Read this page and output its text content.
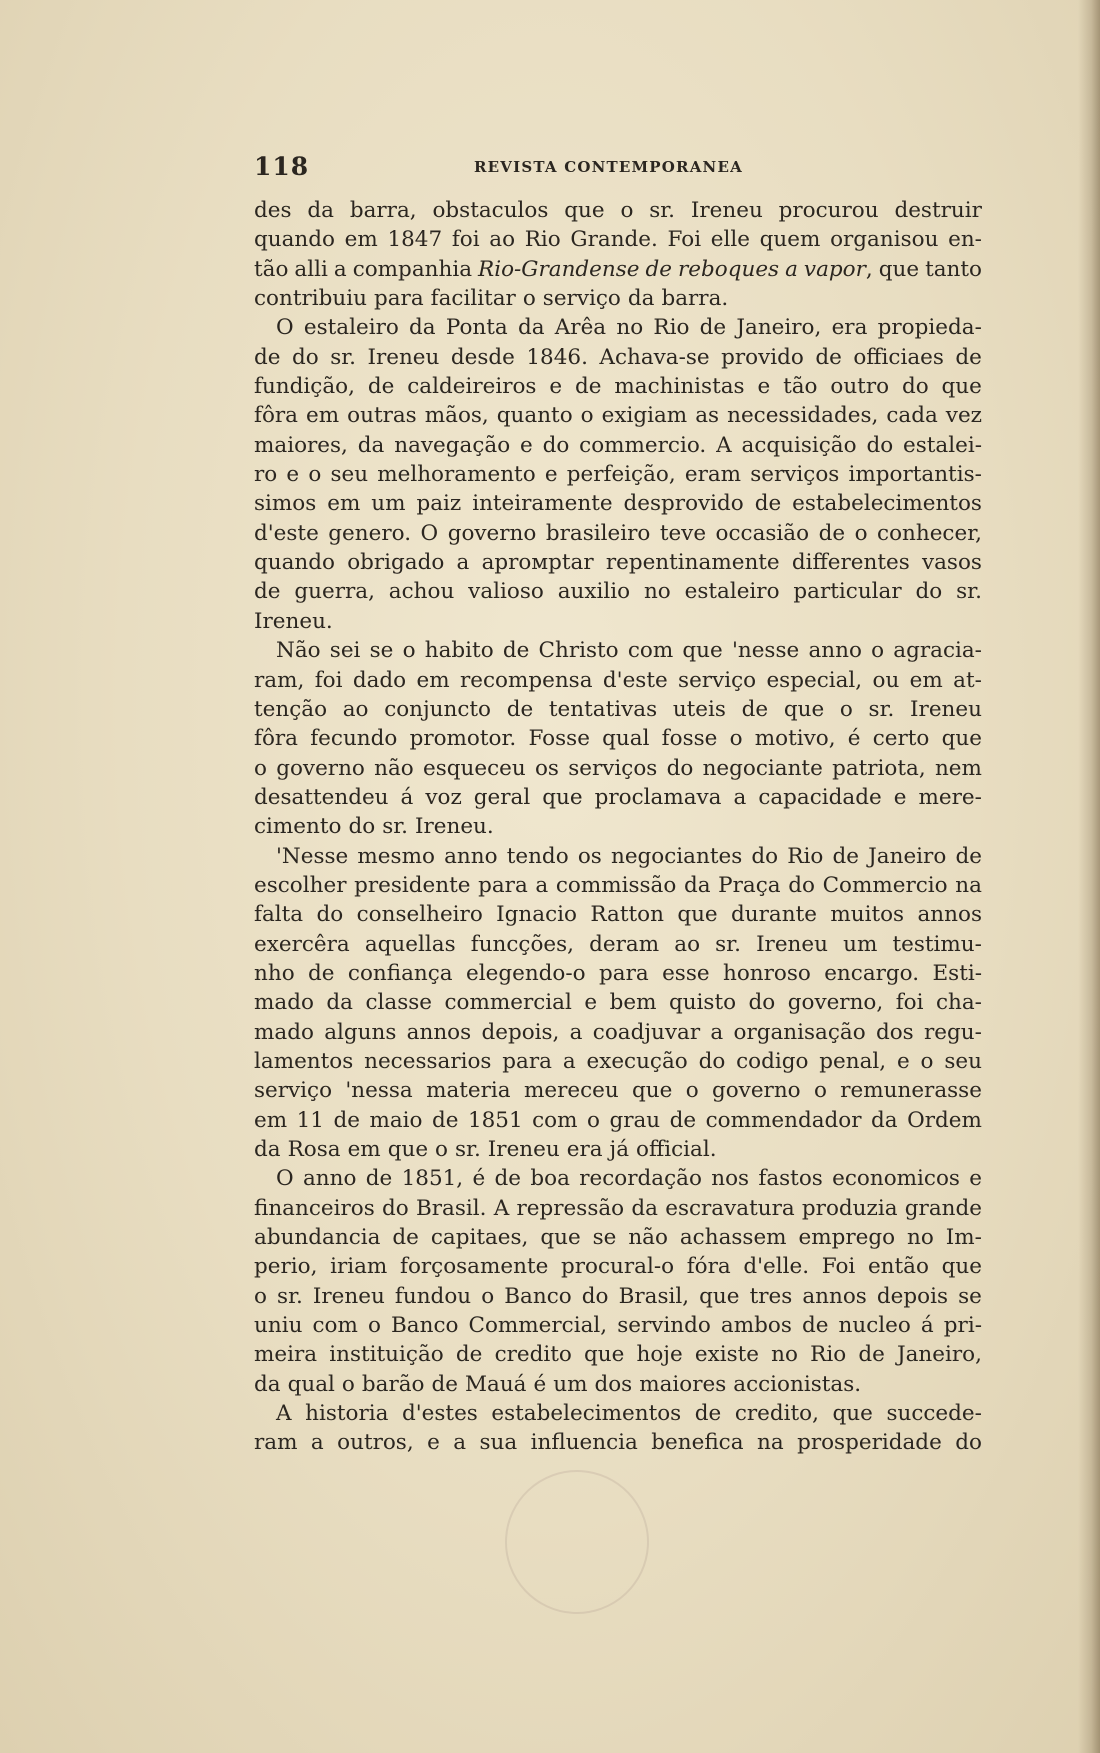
118	REVISTA CONTEMPORANEA
des da barra, obstaculos que o sr. Ireneu procurou destruir
quando em 1847 foi ao Rio Grande. Foi elle quem organisou en-
tão alli a companhia Rio-Grandense de reboques a vapor, que tanto
contribuiu para facilitar o serviço da barra.
O estaleiro da Ponta da Arêa no Rio de Janeiro, era propieda-
de do sr. Ireneu desde 1846. Achava-se provido de officiaes de
fundição, de caldeireiros e de machinistas e tão outro do que
fôra em outras mãos, quanto o exigiam as necessidades, cada vez
maiores, da navegação e do commercio. A acquisição do estalei-
ro e o seu melhoramento e perfeição, eram serviços importantis-
simos em um paiz inteiramente desprovido de estabelecimentos
d'este genero. O governo brasileiro teve occasião de o conhecer,
quando obrigado a aproмptar repentinamente differentes vasos
de guerra, achou valioso auxilio no estaleiro particular do sr.
Ireneu.
Não sei se o habito de Christo com que 'nesse anno o agracia-
ram, foi dado em recompensa d'este serviço especial, ou em at-
tenção ao conjuncto de tentativas uteis de que o sr. Ireneu
fôra fecundo promotor. Fosse qual fosse o motivo, é certo que
o governo não esqueceu os serviços do negociante patriota, nem
desattendeu á voz geral que proclamava a capacidade e mere-
cimento do sr. Ireneu.
'Nesse mesmo anno tendo os negociantes do Rio de Janeiro de
escolher presidente para a commissão da Praça do Commercio na
falta do conselheiro Ignacio Ratton que durante muitos annos
exercêra aquellas funcções, deram ao sr. Ireneu um testimu-
nho de confiança elegendo-o para esse honroso encargo. Esti-
mado da classe commercial e bem quisto do governo, foi cha-
mado alguns annos depois, a coadjuvar a organisação dos regu-
lamentos necessarios para a execução do codigo penal, e o seu
serviço 'nessa materia mereceu que o governo o remunerasse
em 11 de maio de 1851 com o grau de commendador da Ordem
da Rosa em que o sr. Ireneu era já official.
O anno de 1851, é de boa recordação nos fastos economicos e
financeiros do Brasil. A repressão da escravatura produzia grande
abundancia de capitaes, que se não achassem emprego no Im-
perio, iriam forçosamente procural-o fóra d'elle. Foi então que
o sr. Ireneu fundou o Banco do Brasil, que tres annos depois se
uniu com o Banco Commercial, servindo ambos de nucleo á pri-
meira instituição de credito que hoje existe no Rio de Janeiro,
da qual o barão de Mauá é um dos maiores accionistas.
A historia d'estes estabelecimentos de credito, que succede-
ram a outros, e a sua influencia benefica na prosperidade do
